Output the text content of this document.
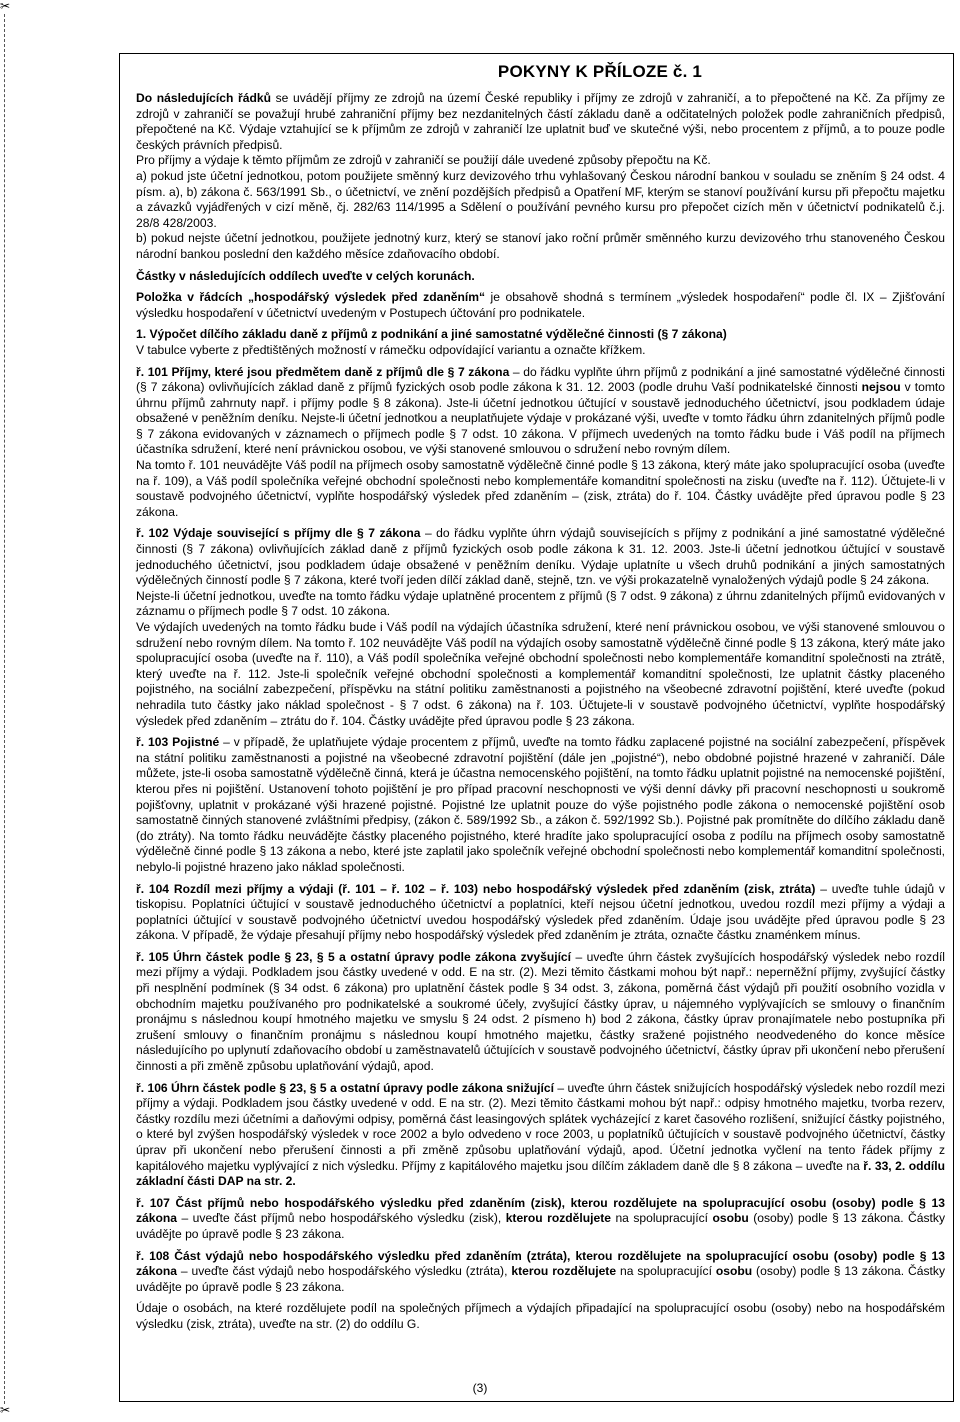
✂
✂
POKYNY K PŘÍLOZE č. 1

Do následujících řádků se uvádějí příjmy ze zdrojů na území České republiky i příjmy ze zdrojů v zahraničí, a to přepočtené na Kč. Za příjmy ze zdrojů v zahraničí se považují hrubé zahraniční příjmy bez nezdanitelných částí základu daně a odčitatelných položek podle zahraničních předpisů, přepočtené na Kč. Výdaje vztahující se k příjmům ze zdrojů v zahraničí lze uplatnit buď ve skutečné výši, nebo procentem z příjmů, a to pouze podle českých právních předpisů.

Pro příjmy a výdaje k těmto příjmům ze zdrojů v zahraničí se použijí dále uvedené způsoby přepočtu na Kč.

a) pokud jste účetní jednotkou, potom použijete směnný kurz devizového trhu vyhlašovaný Českou národní bankou v souladu se zněním § 24 odst. 4 písm. a), b) zákona č. 563/1991 Sb., o účetnictví, ve znění pozdějších předpisů a Opatření MF, kterým se stanoví používání kursu při přepočtu majetku a závazků vyjádřených v cizí měně, čj. 282/63 114/1995 a Sdělení o používání pevného kursu pro přepočet cizích měn v účetnictví podnikatelů č.j. 28/8 428/2003.

b) pokud nejste účetní jednotkou, použijete jednotný kurz, který se stanoví jako roční průměr směnného kurzu devizového trhu stanoveného Českou národní bankou poslední den každého měsíce zdaňovacího období.

Částky v následujících oddílech uveďte v celých korunách.

Položka v řádcích „hospodářský výsledek před zdaněním“ je obsahově shodná s termínem „výsledek hospodaření“ podle čl. IX – Zjišťování výsledku hospodaření v účetnictví uvedeným v Postupech účtování pro podnikatele.

1. Výpočet dílčího základu daně z příjmů z podnikání a jiné samostatné výdělečné činnosti (§ 7 zákona)

V tabulce vyberte z předtištěných možností v rámečku odpovídající variantu a označte křížkem.

ř. 101 Příjmy, které jsou předmětem daně z příjmů dle § 7 zákona – do řádku vyplňte úhrn příjmů z podnikání a jiné samostatné výdělečné činnosti (§ 7 zákona) ovlivňujících základ daně z příjmů fyzických osob podle zákona k 31. 12. 2003 (podle druhu Vaší podnikatelské činnosti nejsou v tomto úhrnu příjmů zahrnuty např. i příjmy podle § 8 zákona). Jste-li účetní jednotkou účtující v soustavě jednoduchého účetnictví, jsou podkladem údaje obsažené v peněžním deníku. Nejste-li účetní jednotkou a neuplatňujete výdaje v prokázané výši, uveďte v tomto řádku úhrn zdanitelných příjmů podle § 7 zákona evidovaných v záznamech o příjmech podle § 7 odst. 10 zákona. V příjmech uvedených na tomto řádku bude i Váš podíl na příjmech účastníka sdružení, které není právnickou osobou, ve výši stanovené smlouvou o sdružení nebo rovným dílem.

Na tomto ř. 101 neuvádějte Váš podíl na příjmech osoby samostatně výdělečně činné podle § 13 zákona, který máte jako spolupracující osoba (uveďte na ř. 109), a Váš podíl společníka veřejné obchodní společnosti nebo komplementáře komanditní společnosti na zisku (uveďte na ř. 112). Účtujete-li v soustavě podvojného účetnictví, vyplňte hospodářský výsledek před zdaněním – (zisk, ztráta) do ř. 104. Částky uvádějte před úpravou podle § 23 zákona.

ř. 102 Výdaje související s příjmy dle § 7 zákona – do řádku vyplňte úhrn výdajů souvisejících s příjmy z podnikání a jiné samostatné výdělečné činnosti (§ 7 zákona) ovlivňujících základ daně z příjmů fyzických osob podle zákona k 31. 12. 2003. Jste-li účetní jednotkou účtující v soustavě jednoduchého účetnictví, jsou podkladem údaje obsažené v peněžním deníku. Výdaje uplatníte u všech druhů podnikání a jiných samostatných výdělečných činností podle § 7 zákona, které tvoří jeden dílčí základ daně, stejně, tzn. ve výši prokazatelně vynaložených výdajů podle § 24 zákona.

Nejste-li účetní jednotkou, uveďte na tomto řádku výdaje uplatněné procentem z příjmů (§ 7 odst. 9 zákona) z úhrnu zdanitelných příjmů evidovaných v záznamu o příjmech podle § 7 odst. 10 zákona.

Ve výdajích uvedených na tomto řádku bude i Váš podíl na výdajích účastníka sdružení, které není právnickou osobou, ve výši stanovené smlouvou o sdružení nebo rovným dílem. Na tomto ř. 102 neuvádějte Váš podíl na výdajích osoby samostatně výdělečně činné podle § 13 zákona, který máte jako spolupracující osoba (uveďte na ř. 110), a Váš podíl společníka veřejné obchodní společnosti nebo komplementáře komanditní společnosti na ztrátě, který uveďte na ř. 112. Jste-li společník veřejné obchodní společnosti a komplementář komanditní společnosti, lze uplatnit částky placeného pojistného, na sociální zabezpečení, příspěvku na státní politiku zaměstnanosti a pojistného na všeobecné zdravotní pojištění, které uveďte (pokud nehradila tuto částky jako náklad společnost - § 7 odst. 6 zákona) na ř. 103. Účtujete-li v soustavě podvojného účetnictví, vyplňte hospodářský výsledek před zdaněním – ztrátu do ř. 104. Částky uvádějte před úpravou podle § 23 zákona.

ř. 103 Pojistné – v případě, že uplatňujete výdaje procentem z příjmů, uveďte na tomto řádku zaplacené pojistné na sociální zabezpečení, příspěvek na státní politiku zaměstnanosti a pojistné na všeobecné zdravotní pojištění (dále jen „pojistné“), nebo obdobné pojistné hrazené v zahraničí. Dále můžete, jste-li osoba samostatně výdělečně činná, která je účastna nemocenského pojištění, na tomto řádku uplatnit pojistné na nemocenské pojištění, kterou přes ni pojištění. Ustanovení tohoto pojištění je pro případ pracovní neschopnosti ve výši denní dávky při pracovní neschopnosti u soukromě pojišťovny, uplatnit v prokázané výši hrazené pojistné. Pojistné lze uplatnit pouze do výše pojistného podle zákona o nemocenské pojištění osob samostatně činných stanovené zvláštními předpisy, (zákon č. 589/1992 Sb., a zákon č. 592/1992 Sb.). Pojistné pak promítněte do dílčího základu daně (do ztráty). Na tomto řádku neuvádějte částky placeného pojistného, které hradíte jako spolupracující osoba z podílu na příjmech osoby samostatně výdělečně činné podle § 13 zákona a nebo, které jste zaplatil jako společník veřejné obchodní společnosti nebo komplementář komanditní společnosti, nebylo-li pojistné hrazeno jako náklad společnosti.

ř. 104 Rozdíl mezi příjmy a výdaji (ř. 101 – ř. 102 – ř. 103) nebo hospodářský výsledek před zdaněním (zisk, ztráta) – uveďte tuhle údajů v tiskopisu. Poplatníci účtující v soustavě jednoduchého účetnictví a poplatníci, kteří nejsou účetní jednotkou, uvedou rozdíl mezi příjmy a výdaji a poplatníci účtující v soustavě podvojného účetnictví uvedou hospodářský výsledek před zdaněním. Údaje jsou uvádějte před úpravou podle § 23 zákona. V případě, že výdaje přesahují příjmy nebo hospodářský výsledek před zdaněním je ztráta, označte částku znaménkem mínus.

ř. 105 Úhrn částek podle § 23, § 5 a ostatní úpravy podle zákona zvyšující – uveďte úhrn částek zvyšujících hospodářský výsledek nebo rozdíl mezi příjmy a výdaji. Podkladem jsou částky uvedené v odd. E na str. (2). Mezi těmito částkami mohou být např.: neperněžní příjmy, zvyšující částky při nesplnění podmínek (§ 34 odst. 6 zákona) pro uplatnění částek podle § 34 odst. 3, zákona, poměrná část výdajů při použití osobního vozidla v obchodním majetku používaného pro podnikatelské a soukromé účely, zvyšující částky úprav, u nájemného vyplývajících se smlouvy o finančním pronájmu s následnou koupí hmotného majetku ve smyslu § 24 odst. 2 písmeno h) bod 2 zákona, částky úprav pronajímatele nebo postupníka při zrušení smlouvy o finančním pronájmu s následnou koupí hmotného majetku, částky sražené pojistného neodvedeného do konce měsíce následujícího po uplynutí zdaňovacího období u zaměstnavatelů účtujících v soustavě podvojného účetnictví, částky úprav při ukončení nebo přerušení činnosti a při změně způsobu uplatňování výdajů, apod.

ř. 106 Úhrn částek podle § 23, § 5 a ostatní úpravy podle zákona snižující – uveďte úhrn částek snižujících hospodářský výsledek nebo rozdíl mezi příjmy a výdaji. Podkladem jsou částky uvedené v odd. E na str. (2). Mezi těmito částkami mohou být např.: odpisy hmotného majetku, tvorba rezerv, částky rozdílu mezi účetními a daňovými odpisy, poměrná část leasingových splátek vycházející z karet časového rozlišení, snižující částky pojistného, o které byl zvýšen hospodářský výsledek v roce 2002 a bylo odvedeno v roce 2003, u poplatníků účtujících v soustavě podvojného účetnictví, částky úprav při ukončení nebo přerušení činnosti a při změně způsobu uplatňování výdajů, apod. Účetní jednotka vyčlení na tento řádek příjmy z kapitálového majetku vyplývající z nich výsledku. Příjmy z kapitálového majetku jsou dílčím základem daně dle § 8 zákona – uveďte na ř. 33, 2. oddílu základní části DAP na str. 2.

ř. 107 Část příjmů nebo hospodářského výsledku před zdaněním (zisk), kterou rozdělujete na spolupracující osobu (osoby) podle § 13 zákona – uveďte část příjmů nebo hospodářského výsledku (zisk), kterou rozdělujete na spolupracující osobu (osoby) podle § 13 zákona. Částky uvádějte po úpravě podle § 23 zákona.

ř. 108 Část výdajů nebo hospodářského výsledku před zdaněním (ztráta), kterou rozdělujete na spolupracující osobu (osoby) podle § 13 zákona – uveďte část výdajů nebo hospodářského výsledku (ztráta), kterou rozdělujete na spolupracující osobu (osoby) podle § 13 zákona. Částky uvádějte po úpravě podle § 23 zákona.

Údaje o osobách, na které rozdělujete podíl na společných příjmech a výdajích připadající na spolupracující osobu (osoby) nebo na hospodářském výsledku (zisk, ztráta), uveďte na str. (2) do oddílu G.

(3)
